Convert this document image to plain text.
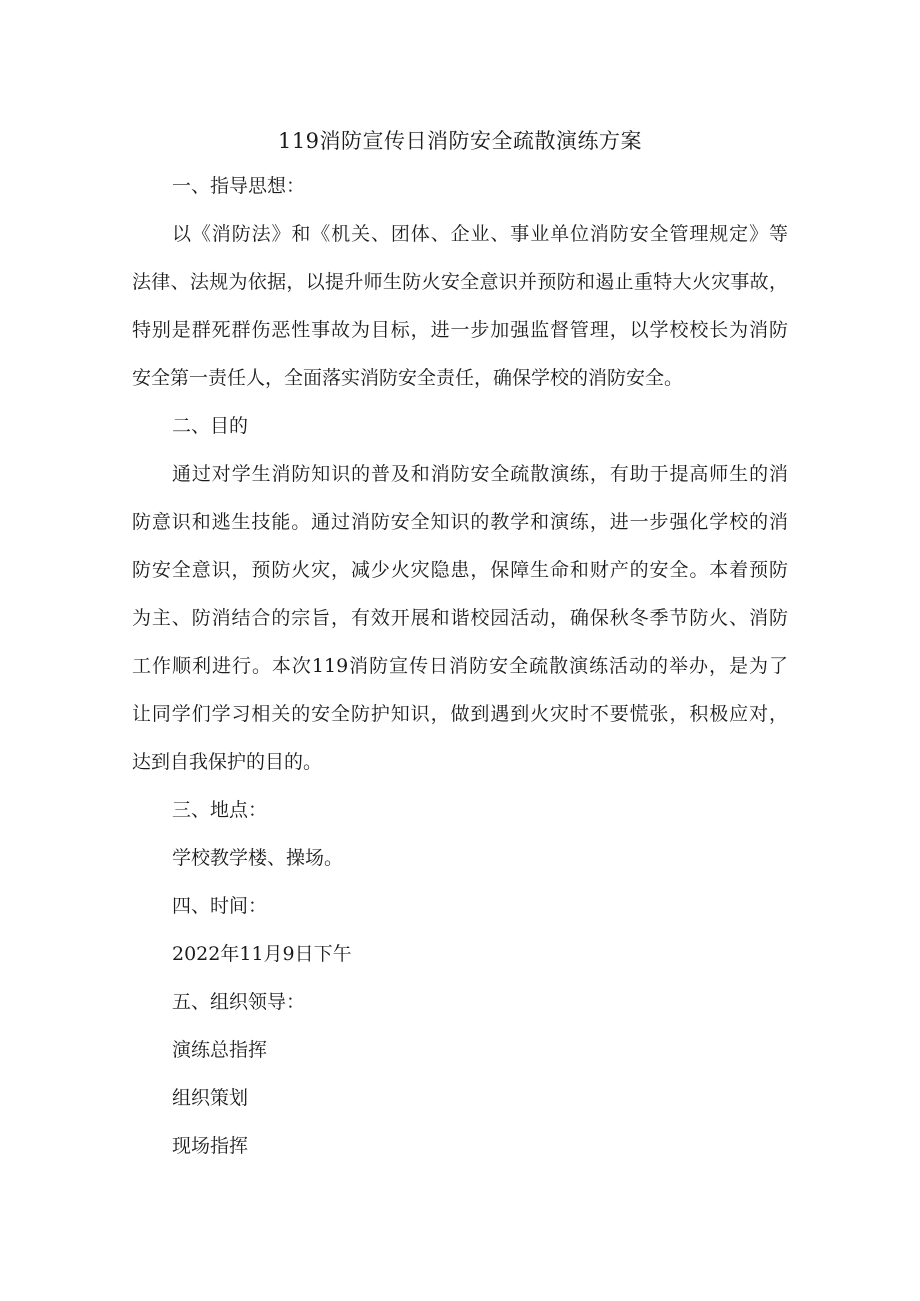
119消防宣传日消防安全疏散演练方案

一、指导思想：

以《消防法》和《机关、团体、企业、事业单位消防安全管理规定》等

法律、法规为依据，以提升师生防火安全意识并预防和遏止重特大火灾事故，

特别是群死群伤恶性事故为目标，进一步加强监督管理，以学校校长为消防

安全第一责任人，全面落实消防安全责任，确保学校的消防安全。

二、目的

通过对学生消防知识的普及和消防安全疏散演练，有助于提高师生的消

防意识和逃生技能。通过消防安全知识的教学和演练，进一步强化学校的消

防安全意识，预防火灾，减少火灾隐患，保障生命和财产的安全。本着预防

为主、防消结合的宗旨，有效开展和谐校园活动，确保秋冬季节防火、消防

工作顺利进行。本次119消防宣传日消防安全疏散演练活动的举办，是为了

让同学们学习相关的安全防护知识，做到遇到火灾时不要慌张，积极应对，

达到自我保护的目的。

三、地点：

学校教学楼、操场。

四、时间：

2022年11月9日下午

五、组织领导：

演练总指挥

组织策划

现场指挥
